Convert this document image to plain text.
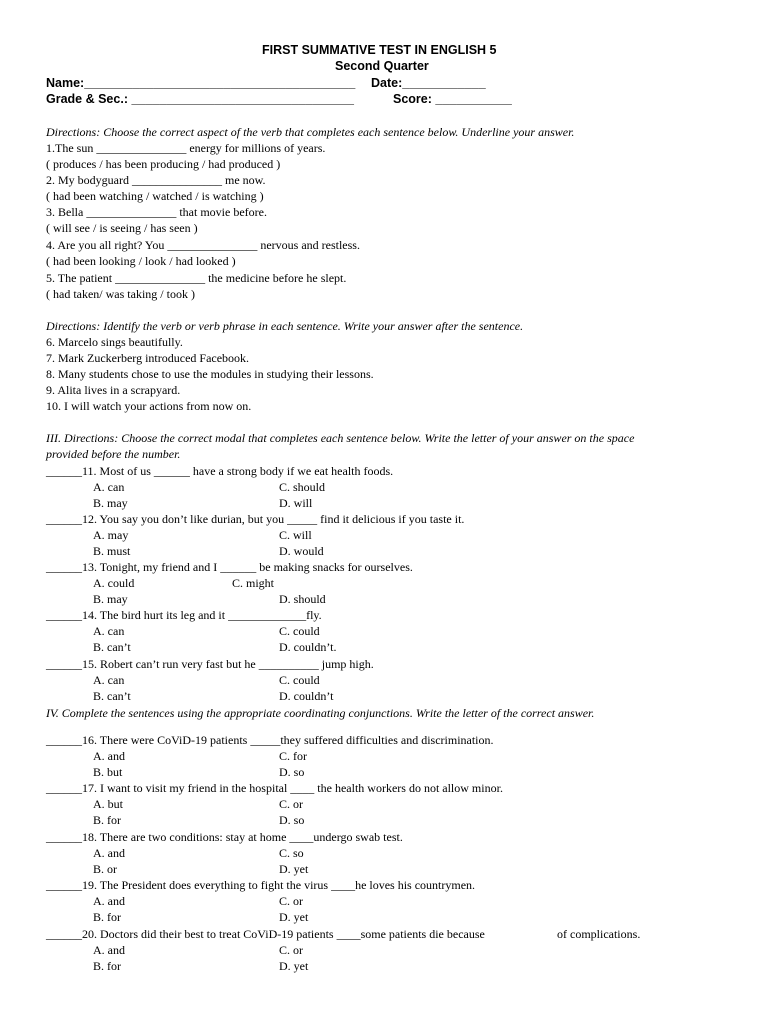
FIRST SUMMATIVE TEST IN ENGLISH 5
Second Quarter
Name:_______________________________________ Date:____________
Grade & Sec.: ________________________________	Score: ___________
Directions: Choose the correct aspect of the verb that completes each sentence below. Underline your answer.
1.The sun _______________ energy for millions of years.
( produces / has been producing / had produced )
2. My bodyguard _______________ me now.
( had been watching / watched / is watching )
3. Bella _______________ that movie before.
( will see / is seeing / has seen )
4. Are you all right? You _______________ nervous and restless.
( had been looking / look / had looked )
5. The patient _______________ the medicine before he slept.
( had taken/ was taking / took )
Directions: Identify the verb or verb phrase in each sentence. Write your answer after the sentence.
6. Marcelo sings beautifully.
7. Mark Zuckerberg introduced Facebook.
8. Many students chose to use the modules in studying their lessons.
9. Alita lives in a scrapyard.
10. I will watch your actions from now on.
III. Directions: Choose the correct modal that completes each sentence below. Write the letter of your answer on the space
provided before the number.
______11. Most of us ______ have a strong body if we eat health foods.
A. can	C. should
B. may	D. will
______12. You say you don’t like durian, but you _____ find it delicious if you taste it.
A. may	C. will
B. must	D. would
______13. Tonight, my friend and I ______ be making snacks for ourselves.
A. could	C. might
B. may	D. should
______14. The bird hurt its leg and it _____________fly.
A. can	C. could
B. can’t	D. couldn’t.
______15. Robert can’t run very fast but he __________ jump high.
A. can	C. could
B. can’t	D. couldn’t
IV. Complete the sentences using the appropriate coordinating conjunctions. Write the letter of the correct answer.
______16. There were CoViD-19 patients _____they suffered difficulties and discrimination.
A. and	C. for
B. but	D. so
______17. I want to visit my friend in the hospital ____ the health workers do not allow minor.
A. but	C. or
B. for	D. so
______18. There are two conditions: stay at home ____undergo swab test.
A. and	C. so
B. or	D. yet
______19. The President does everything to fight the virus ____he loves his countrymen.
A. and	C. or
B. for	D. yet
______20. Doctors did their best to treat CoViD-19 patients ____some patients die because	of complications.
A. and	C. or
B. for	D. yet
